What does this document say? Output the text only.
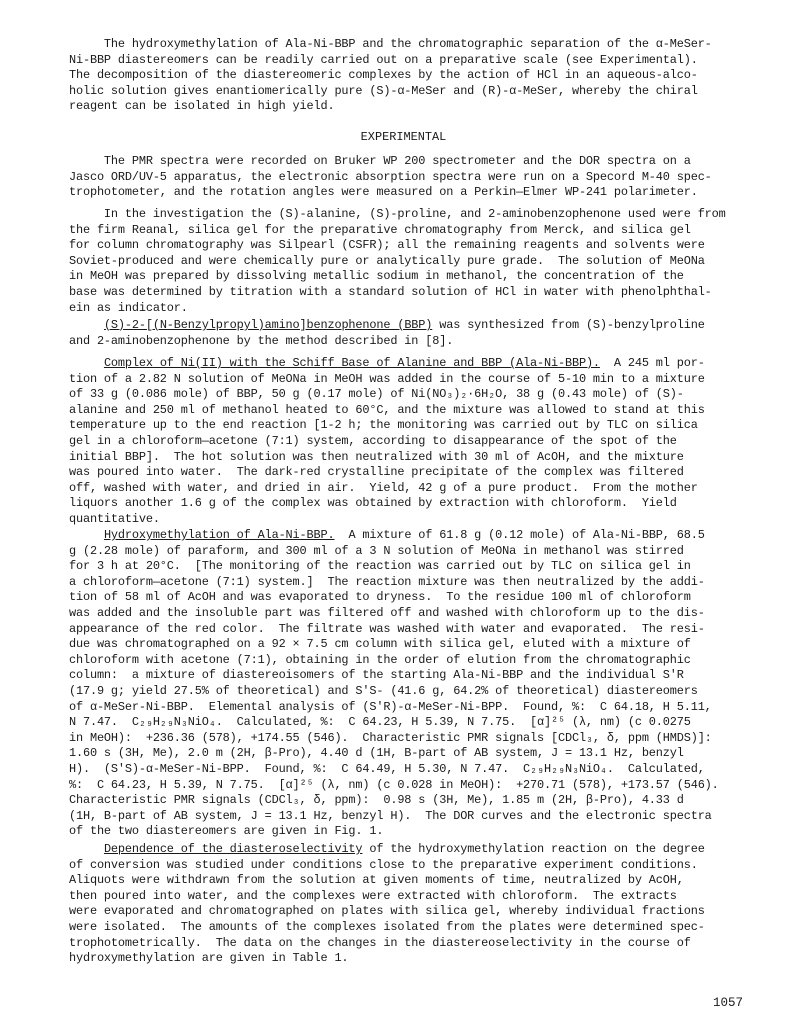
The hydroxymethylation of Ala-Ni-BBP and the chromatographic separation of the α-MeSer-
Ni-BBP diastereomers can be readily carried out on a preparative scale (see Experimental).
The decomposition of the diastereomeric complexes by the action of HCl in an aqueous-alco-
holic solution gives enantiomerically pure (S)-α-MeSer and (R)-α-MeSer, whereby the chiral
reagent can be isolated in high yield.
EXPERIMENTAL
The PMR spectra were recorded on Bruker WP 200 spectrometer and the DOR spectra on a
Jasco ORD/UV-5 apparatus, the electronic absorption spectra were run on a Specord M-40 spec-
trophotometer, and the rotation angles were measured on a Perkin—Elmer WP-241 polarimeter.
In the investigation the (S)-alanine, (S)-proline, and 2-aminobenzophenone used were from
the firm Reanal, silica gel for the preparative chromatography from Merck, and silica gel
for column chromatography was Silpearl (CSFR); all the remaining reagents and solvents were
Soviet-produced and were chemically pure or analytically pure grade.  The solution of MeONa
in MeOH was prepared by dissolving metallic sodium in methanol, the concentration of the
base was determined by titration with a standard solution of HCl in water with phenolphthal-
ein as indicator.
(S)-2-[(N-Benzylpropyl)amino]benzophenone (BBP) was synthesized from (S)-benzylproline
and 2-aminobenzophenone by the method described in [8].
Complex of Ni(II) with the Schiff Base of Alanine and BBP (Ala-Ni-BBP).  A 245 ml por-
tion of a 2.82 N solution of MeONa in MeOH was added in the course of 5-10 min to a mixture
of 33 g (0.086 mole) of BBP, 50 g (0.17 mole) of Ni(NO₃)₂·6H₂O, 38 g (0.43 mole) of (S)-
alanine and 250 ml of methanol heated to 60°C, and the mixture was allowed to stand at this
temperature up to the end reaction [1-2 h; the monitoring was carried out by TLC on silica
gel in a chloroform—acetone (7:1) system, according to disappearance of the spot of the
initial BBP].  The hot solution was then neutralized with 30 ml of AcOH, and the mixture
was poured into water.  The dark-red crystalline precipitate of the complex was filtered
off, washed with water, and dried in air.  Yield, 42 g of a pure product.  From the mother
liquors another 1.6 g of the complex was obtained by extraction with chloroform.  Yield
quantitative.
Hydroxymethylation of Ala-Ni-BBP.  A mixture of 61.8 g (0.12 mole) of Ala-Ni-BBP, 68.5
g (2.28 mole) of paraform, and 300 ml of a 3 N solution of MeONa in methanol was stirred
for 3 h at 20°C.  [The monitoring of the reaction was carried out by TLC on silica gel in
a chloroform—acetone (7:1) system.]  The reaction mixture was then neutralized by the addi-
tion of 58 ml of AcOH and was evaporated to dryness.  To the residue 100 ml of chloroform
was added and the insoluble part was filtered off and washed with chloroform up to the dis-
appearance of the red color.  The filtrate was washed with water and evaporated.  The resi-
due was chromatographed on a 92 × 7.5 cm column with silica gel, eluted with a mixture of
chloroform with acetone (7:1), obtaining in the order of elution from the chromatographic
column:  a mixture of diastereoisomers of the starting Ala-Ni-BBP and the individual S'R
(17.9 g; yield 27.5% of theoretical) and S'S- (41.6 g, 64.2% of theoretical) diastereomers
of α-MeSer-Ni-BBP.  Elemental analysis of (S'R)-α-MeSer-Ni-BPP.  Found, %:  C 64.18, H 5.11,
N 7.47.  C₂₉H₂₉N₃NiO₄.  Calculated, %:  C 64.23, H 5.39, N 7.75.  [α]²⁵ (λ, nm) (c 0.0275
in MeOH):  +236.36 (578), +174.55 (546).  Characteristic PMR signals [CDCl₃, δ, ppm (HMDS)]:
1.60 s (3H, Me), 2.0 m (2H, β-Pro), 4.40 d (1H, B-part of AB system, J = 13.1 Hz, benzyl
H).  (S'S)-α-MeSer-Ni-BPP.  Found, %:  C 64.49, H 5.30, N 7.47.  C₂₉H₂₉N₃NiO₄.  Calculated,
%:  C 64.23, H 5.39, N 7.75.  [α]²⁵ (λ, nm) (c 0.028 in MeOH):  +270.71 (578), +173.57 (546).
Characteristic PMR signals (CDCl₃, δ, ppm):  0.98 s (3H, Me), 1.85 m (2H, β-Pro), 4.33 d
(1H, B-part of AB system, J = 13.1 Hz, benzyl H).  The DOR curves and the electronic spectra
of the two diastereomers are given in Fig. 1.
Dependence of the diasteroselectivity of the hydroxymethylation reaction on the degree
of conversion was studied under conditions close to the preparative experiment conditions.
Aliquots were withdrawn from the solution at given moments of time, neutralized by AcOH,
then poured into water, and the complexes were extracted with chloroform.  The extracts
were evaporated and chromatographed on plates with silica gel, whereby individual fractions
were isolated.  The amounts of the complexes isolated from the plates were determined spec-
trophotometrically.  The data on the changes in the diastereoselectivity in the course of
hydroxymethylation are given in Table 1.
1057
